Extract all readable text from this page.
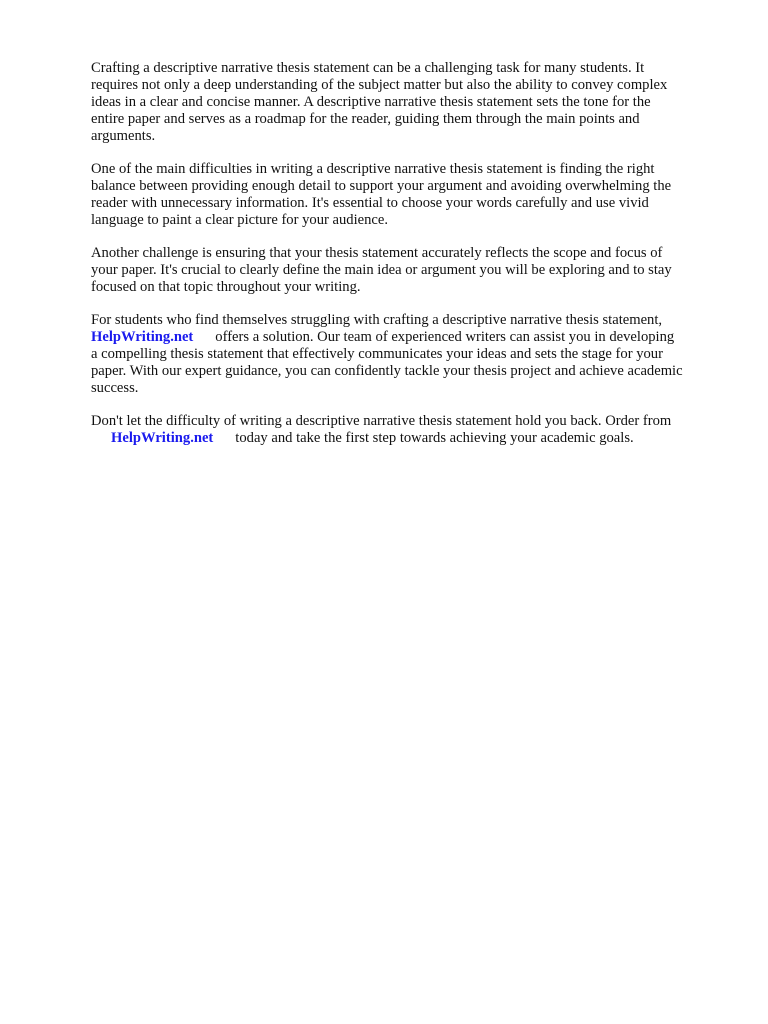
Crafting a descriptive narrative thesis statement can be a challenging task for many students. It
requires not only a deep understanding of the subject matter but also the ability to convey complex
ideas in a clear and concise manner. A descriptive narrative thesis statement sets the tone for the
entire paper and serves as a roadmap for the reader, guiding them through the main points and
arguments.

One of the main difficulties in writing a descriptive narrative thesis statement is finding the right
balance between providing enough detail to support your argument and avoiding overwhelming the
reader with unnecessary information. It's essential to choose your words carefully and use vivid
language to paint a clear picture for your audience.

Another challenge is ensuring that your thesis statement accurately reflects the scope and focus of
your paper. It's crucial to clearly define the main idea or argument you will be exploring and to stay
focused on that topic throughout your writing.

For students who find themselves struggling with crafting a descriptive narrative thesis statement,
HelpWriting.net offers a solution. Our team of experienced writers can assist you in developing
a compelling thesis statement that effectively communicates your ideas and sets the stage for your
paper. With our expert guidance, you can confidently tackle your thesis project and achieve academic
success.

Don't let the difficulty of writing a descriptive narrative thesis statement hold you back. Order from
HelpWriting.net today and take the first step towards achieving your academic goals.
